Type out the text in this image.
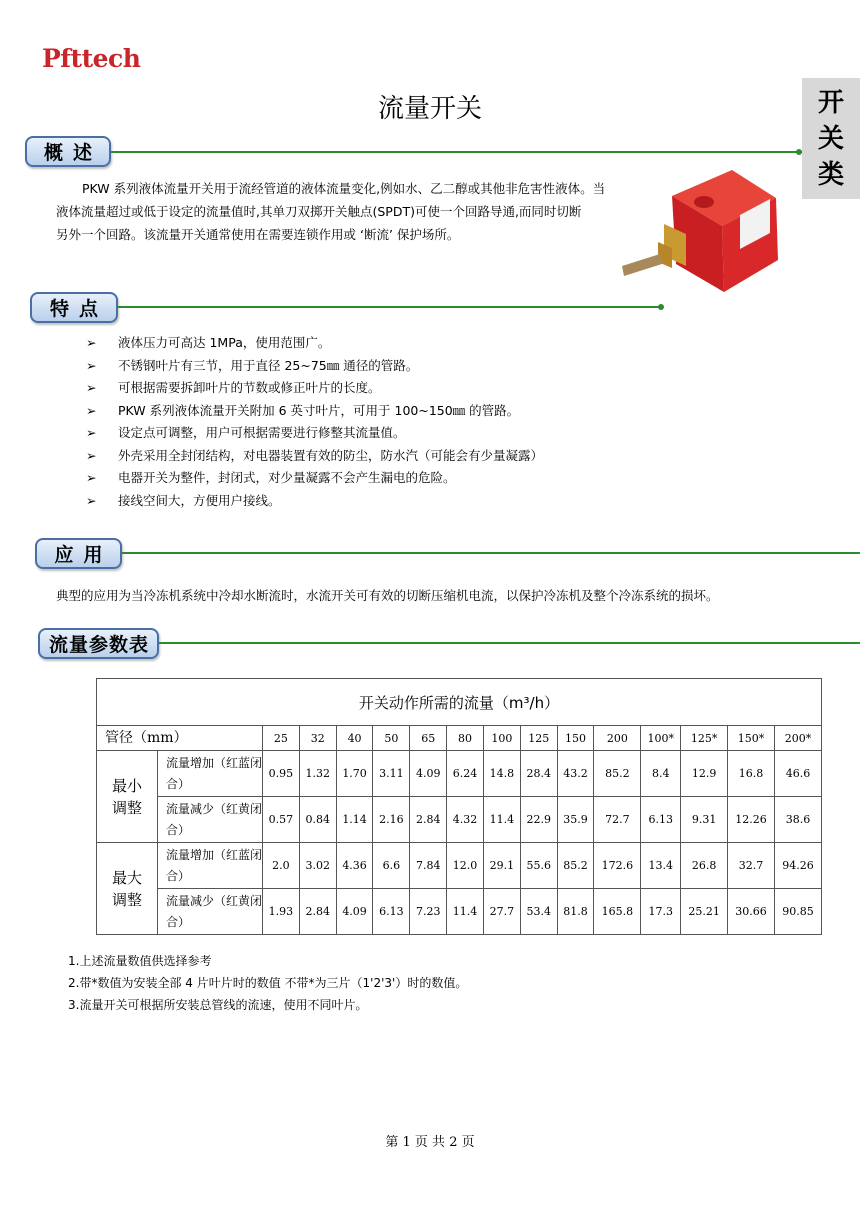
Pfttech
流量开关	开
关
类
概述
PKW 系列液体流量开关用于流经管道的液体流量变化,例如水、乙二醇或其他非危害性液体。当
液体流量超过或低于设定的流量值时,其单刀双掷开关触点(SPDT)可使一个回路导通,而同时切断
另外一个回路。该流量开关通常使用在需要连锁作用或 ‘断流’ 保护场所。
特点
➢	液体压力可高达 1MPa，使用范围广。
➢	不锈钢叶片有三节，用于直径 25~75㎜ 通径的管路。
➢	可根据需要拆卸叶片的节数或修正叶片的长度。
➢	PKW 系列液体流量开关附加 6 英寸叶片，可用于 100~150㎜ 的管路。
➢	设定点可调整，用户可根据需要进行修整其流量值。
➢	外壳采用全封闭结构，对电器装置有效的防尘，防水汽（可能会有少量凝露）
➢	电器开关为整件，封闭式，对少量凝露不会产生漏电的危险。
➢	接线空间大，方便用户接线。
应用
典型的应用为当冷冻机系统中冷却水断流时，水流开关可有效的切断压缩机电流，以保护冷冻机及整个冷冻系统的损坏。
流量参数表
开关动作所需的流量（m³/h）															
管径（mm）		25	32	40	50	65	80	100	125	150	200	100*	125*	150*	200*
最小调整	流量增加（红蓝闭合）	0.95	1.32	1.70	3.11	4.09	6.24	14.8	28.4	43.2	85.2	8.4	12.9	16.8	46.6
	流量减少（红黄闭合）	0.57	0.84	1.14	2.16	2.84	4.32	11.4	22.9	35.9	72.7	6.13	9.31	12.26	38.6
最大调整	流量增加（红蓝闭合）	2.0	3.02	4.36	6.6	7.84	12.0	29.1	55.6	85.2	172.6	13.4	26.8	32.7	94.26
	流量减少（红黄闭合）	1.93	2.84	4.09	6.13	7.23	11.4	27.7	53.4	81.8	165.8	17.3	25.21	30.66	90.85
1.上述流量数值供选择参考
2.带*数值为安装全部 4 片叶片时的数值 不带*为三片（1'2'3'）时的数值。
3.流量开关可根据所安装总管线的流速，使用不同叶片。
第 1 页 共 2 页
